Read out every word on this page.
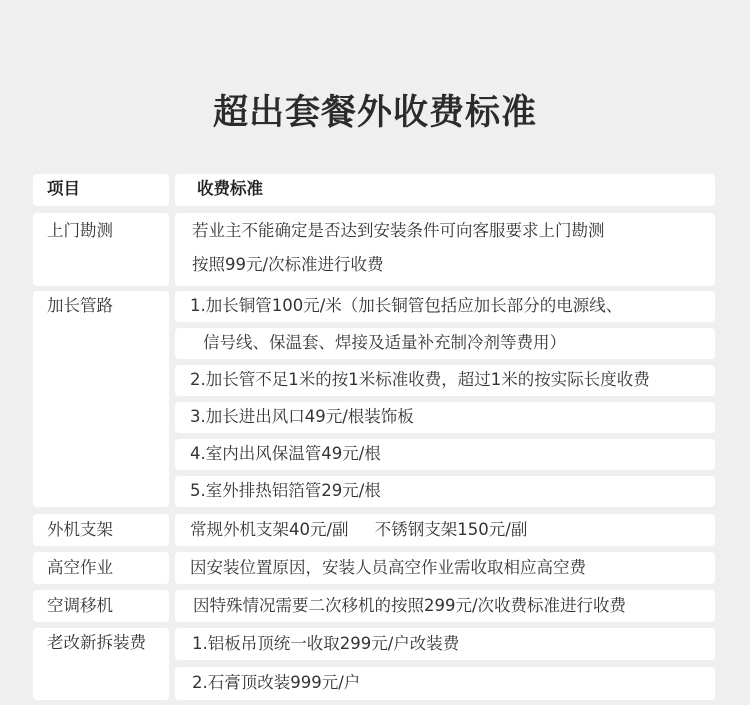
超出套餐外收费标准
项目	收费标准
上门勘测	若业主不能确定是否达到安装条件可向客服要求上门勘测
按照99元/次标准进行收费
加长管路	1.加长铜管100元/米（加长铜管包括应加长部分的电源线、
信号线、保温套、焊接及适量补充制冷剂等费用）
2.加长管不足1米的按1米标准收费，超过1米的按实际长度收费
3.加长进出风口49元/根装饰板
4.室内出风保温管49元/根
5.室外排热铝箔管29元/根
外机支架	常规外机支架40元/副     不锈钢支架150元/副
高空作业	因安装位置原因，安装人员高空作业需收取相应高空费
空调移机	因特殊情况需要二次移机的按照299元/次收费标准进行收费
老改新拆装费	1.铝板吊顶统一收取299元/户改装费
2.石膏顶改装999元/户
